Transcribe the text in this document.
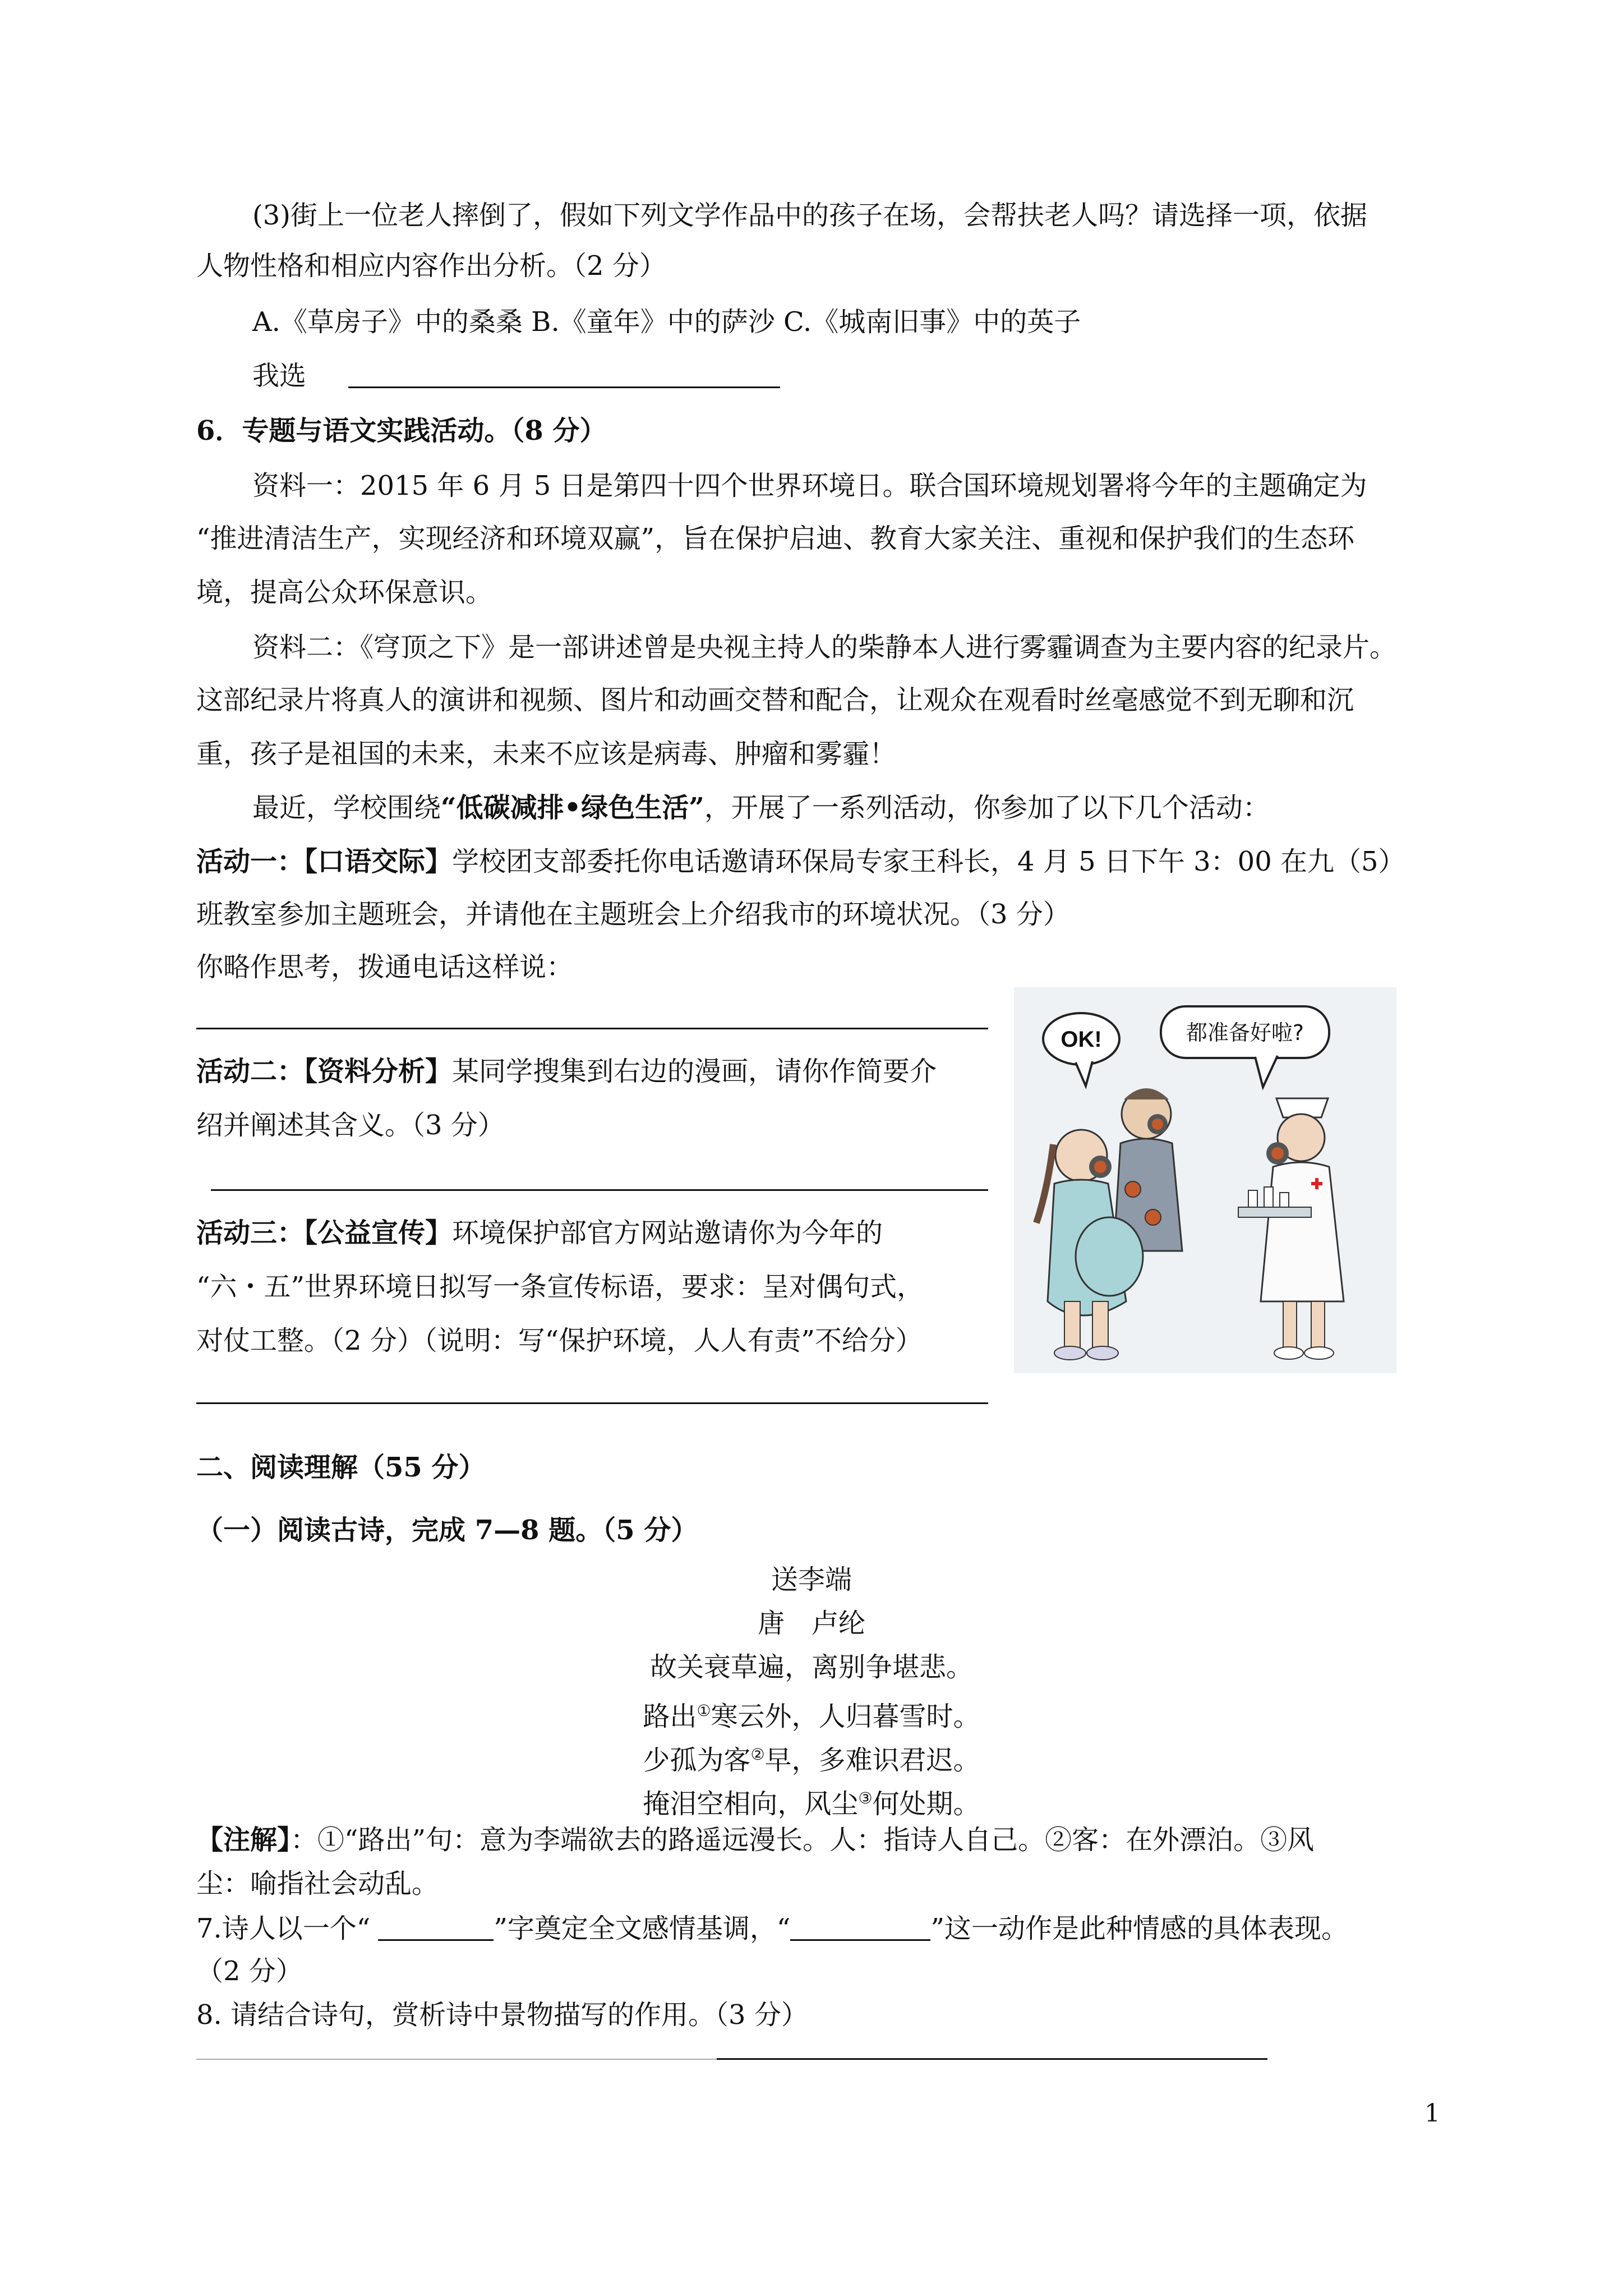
(3)街上一位老人摔倒了，假如下列文学作品中的孩子在场，会帮扶老人吗？请选择一项，依据

人物性格和相应内容作出分析。（2 分）

A.《草房子》中的桑桑 B.《童年》中的萨沙 C.《城南旧事》中的英子

我选

6．专题与语文实践活动。（8 分）

资料一：2015 年 6 月 5 日是第四十四个世界环境日。联合国环境规划署将今年的主题确定为

“推进清洁生产，实现经济和环境双赢”，旨在保护启迪、教育大家关注、重视和保护我们的生态环

境，提高公众环保意识。

资料二：《穹顶之下》是一部讲述曾是央视主持人的柴静本人进行雾霾调查为主要内容的纪录片。

这部纪录片将真人的演讲和视频、图片和动画交替和配合，让观众在观看时丝毫感觉不到无聊和沉

重，孩子是祖国的未来，未来不应该是病毒、肿瘤和雾霾！

最近，学校围绕“低碳减排•绿色生活”，开展了一系列活动，你参加了以下几个活动：

活动一：【口语交际】学校团支部委托你电话邀请环保局专家王科长，4 月 5 日下午 3：00 在九（5）

班教室参加主题班会，并请他在主题班会上介绍我市的环境状况。（3 分）

你略作思考，拨通电话这样说：

活动二：【资料分析】某同学搜集到右边的漫画，请你作简要介

绍并阐述其含义。（3 分）

活动三：【公益宣传】环境保护部官方网站邀请你为今年的

“六・五”世界环境日拟写一条宣传标语，要求：呈对偶句式，

对仗工整。（2 分）（说明：写“保护环境，人人有责”不给分）

OK!	都准备好啦?

二、阅读理解（55 分）

（一）阅读古诗，完成 7—8 题。（5 分）

送李端

唐　卢纶

故关衰草遍，离别争堪悲。

路出①寒云外，人归暮雪时。

少孤为客②早，多难识君迟。

掩泪空相向，风尘③何处期。

【注解】：①“路出”句：意为李端欲去的路遥远漫长。人：指诗人自己。②客：在外漂泊。③风

尘：喻指社会动乱。

7.诗人以一个“	”字奠定全文感情基调，“	”这一动作是此种情感的具体表现。

（2 分）

8. 请结合诗句，赏析诗中景物描写的作用。（3 分）

1
